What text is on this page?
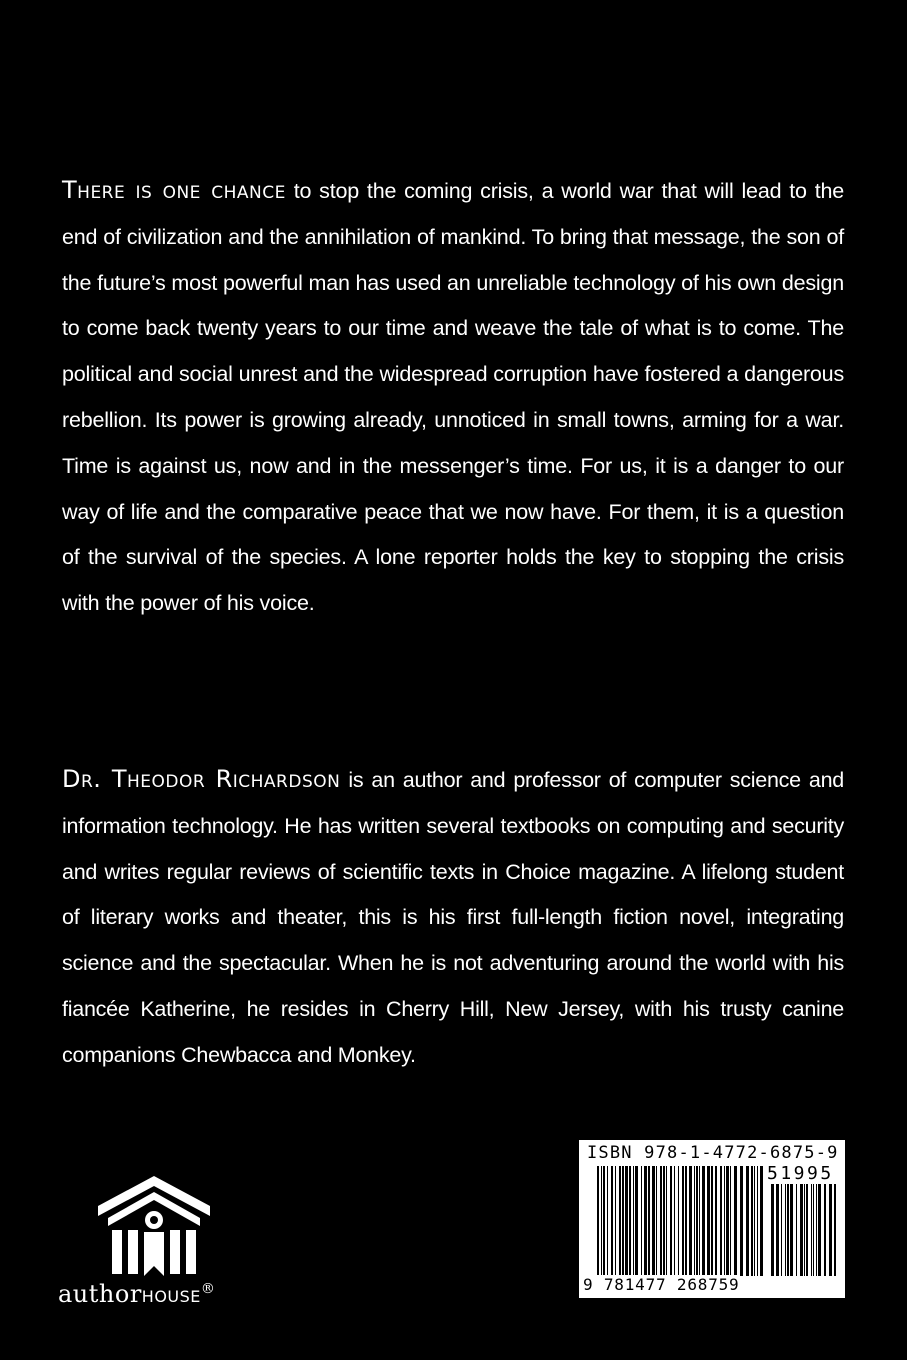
There is one chance to stop the coming crisis, a world war that will lead to the end of civilization and the annihilation of mankind. To bring that message, the son of the future’s most powerful man has used an unreliable technology of his own design to come back twenty years to our time and weave the tale of what is to come. The political and social unrest and the widespread corruption have fostered a dangerous rebellion. Its power is growing already, unnoticed in small towns, arming for a war. Time is against us, now and in the messenger’s time. For us, it is a danger to our way of life and the comparative peace that we now have. For them, it is a question of the survival of the species. A lone reporter holds the key to stopping the crisis with the power of his voice.
Dr. Theodor Richardson is an author and professor of computer science and information technology. He has written several textbooks on computing and security and writes regular reviews of scientific texts in Choice magazine. A lifelong student of literary works and theater, this is his first full-length fiction novel, integrating science and the spectacular. When he is not adventuring around the world with his fiancée Katherine, he resides in Cherry Hill, New Jersey, with his trusty canine companions Chewbacca and Monkey.
authorHOUSE®
ISBN 978-1-4772-6875-9
51995
9 781477 268759
